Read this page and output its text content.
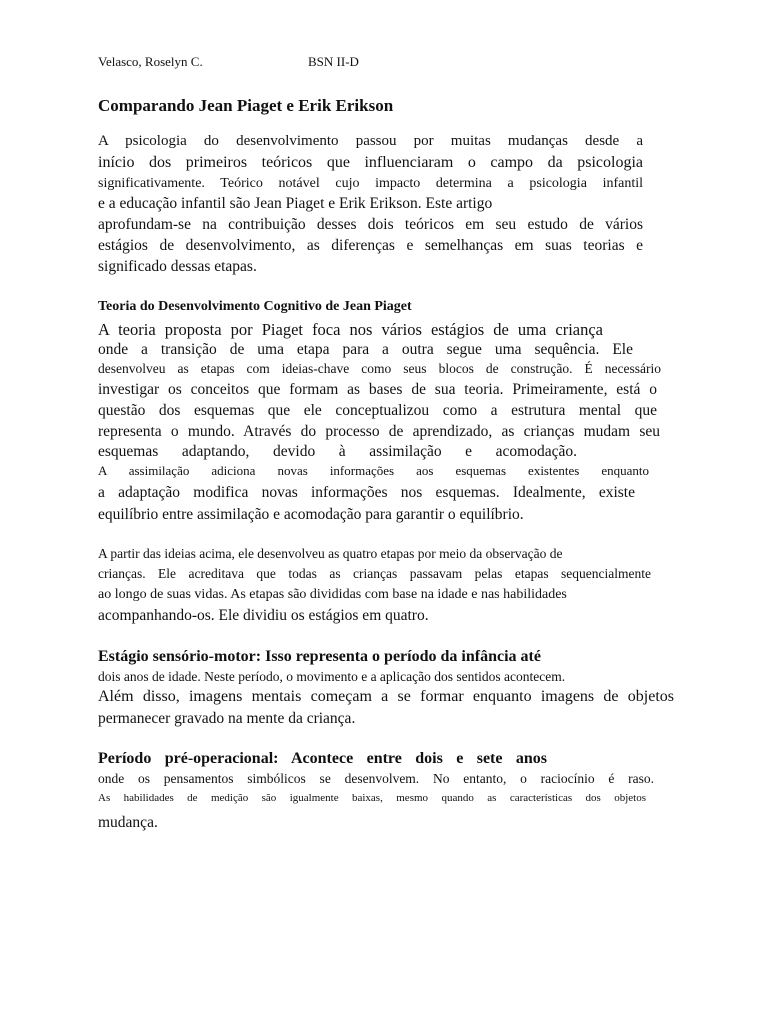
Velasco, Roselyn C.	BSN II-D
Comparando Jean Piaget e Erik Erikson
A psicologia do desenvolvimento passou por muitas mudanças desde a
início dos primeiros teóricos que influenciaram o campo da psicologia
significativamente. Teórico notável cujo impacto determina a psicologia infantil
e a educação infantil são Jean Piaget e Erik Erikson. Este artigo
aprofundam-se na contribuição desses dois teóricos em seu estudo de vários
estágios de desenvolvimento, as diferenças e semelhanças em suas teorias e
significado dessas etapas.
Teoria do Desenvolvimento Cognitivo de Jean Piaget
A teoria proposta por Piaget foca nos vários estágios de uma criança
onde a transição de uma etapa para a outra segue uma sequência. Ele
desenvolveu as etapas com ideias-chave como seus blocos de construção. É necessário
investigar os conceitos que formam as bases de sua teoria. Primeiramente, está o
questão dos esquemas que ele conceptualizou como a estrutura mental que
representa o mundo. Através do processo de aprendizado, as crianças mudam seu
esquemas adaptando, devido à assimilação e acomodação.
A assimilação adiciona novas informações aos esquemas existentes enquanto
a adaptação modifica novas informações nos esquemas. Idealmente, existe
equilíbrio entre assimilação e acomodação para garantir o equilíbrio.
A partir das ideias acima, ele desenvolveu as quatro etapas por meio da observação de
crianças. Ele acreditava que todas as crianças passavam pelas etapas sequencialmente
ao longo de suas vidas. As etapas são divididas com base na idade e nas habilidades
acompanhando-os. Ele dividiu os estágios em quatro.
Estágio sensório-motor: Isso representa o período da infância até
dois anos de idade. Neste período, o movimento e a aplicação dos sentidos acontecem.
Além disso, imagens mentais começam a se formar enquanto imagens de objetos
permanecer gravado na mente da criança.
Período pré-operacional: Acontece entre dois e sete anos
onde os pensamentos simbólicos se desenvolvem. No entanto, o raciocínio é raso.
As habilidades de medição são igualmente baixas, mesmo quando as características dos objetos
mudança.
